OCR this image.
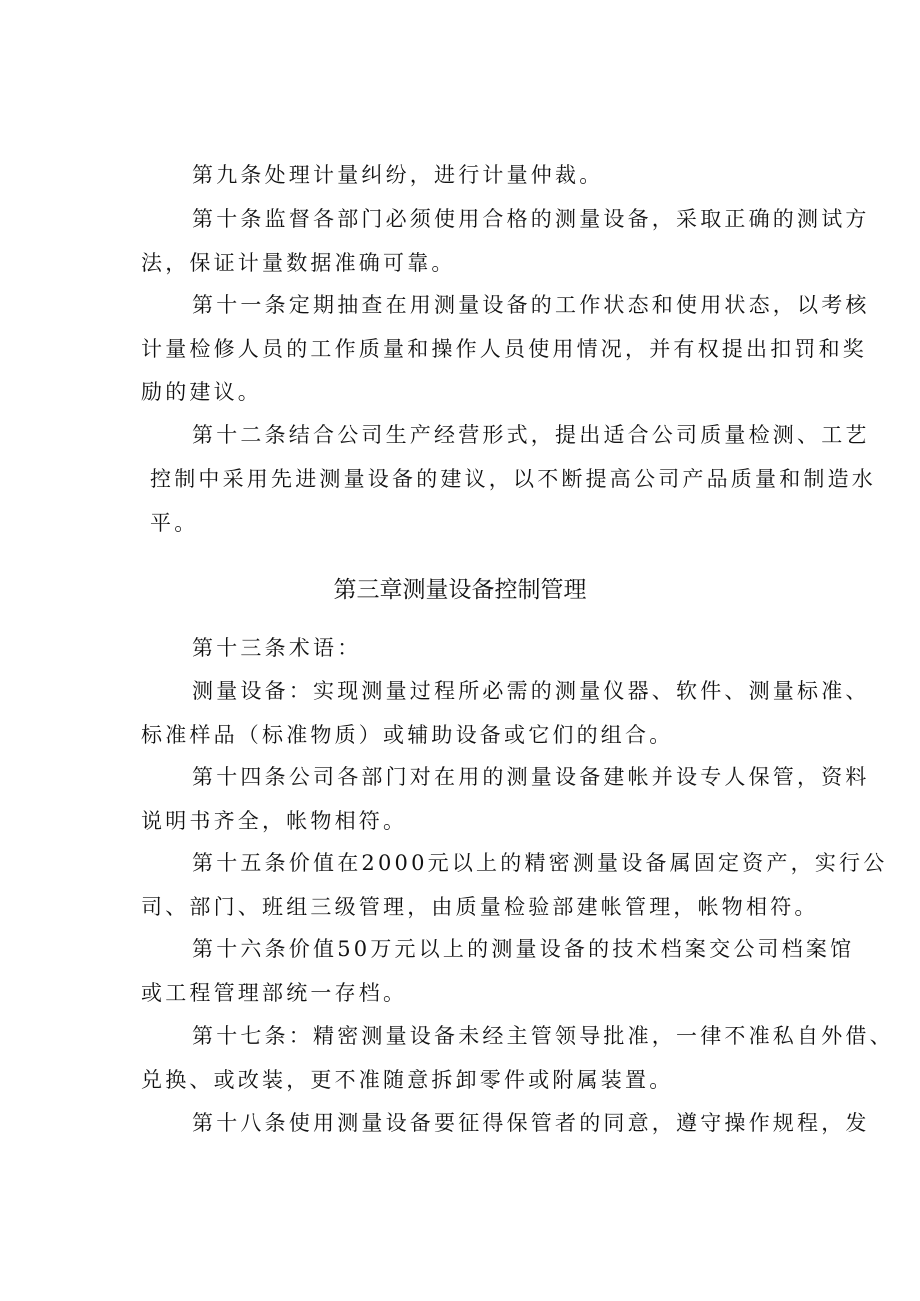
第九条处理计量纠纷，进行计量仲裁。
第十条监督各部门必须使用合格的测量设备，采取正确的测试方
法，保证计量数据准确可靠。
第十一条定期抽查在用测量设备的工作状态和使用状态，以考核
计量检修人员的工作质量和操作人员使用情况，并有权提出扣罚和奖
励的建议。
第十二条结合公司生产经营形式，提出适合公司质量检测、工艺
控制中采用先进测量设备的建议，以不断提高公司产品质量和制造水
平。
第三章测量设备控制管理
第十三条术语：
测量设备：实现测量过程所必需的测量仪器、软件、测量标准、
标准样品（标准物质）或辅助设备或它们的组合。
第十四条公司各部门对在用的测量设备建帐并设专人保管，资料
说明书齐全，帐物相符。
第十五条价值在2000元以上的精密测量设备属固定资产，实行公
司、部门、班组三级管理，由质量检验部建帐管理，帐物相符。
第十六条价值50万元以上的测量设备的技术档案交公司档案馆
或工程管理部统一存档。
第十七条：精密测量设备未经主管领导批准，一律不准私自外借、
兑换、或改装，更不准随意拆卸零件或附属装置。
第十八条使用测量设备要征得保管者的同意，遵守操作规程，发
